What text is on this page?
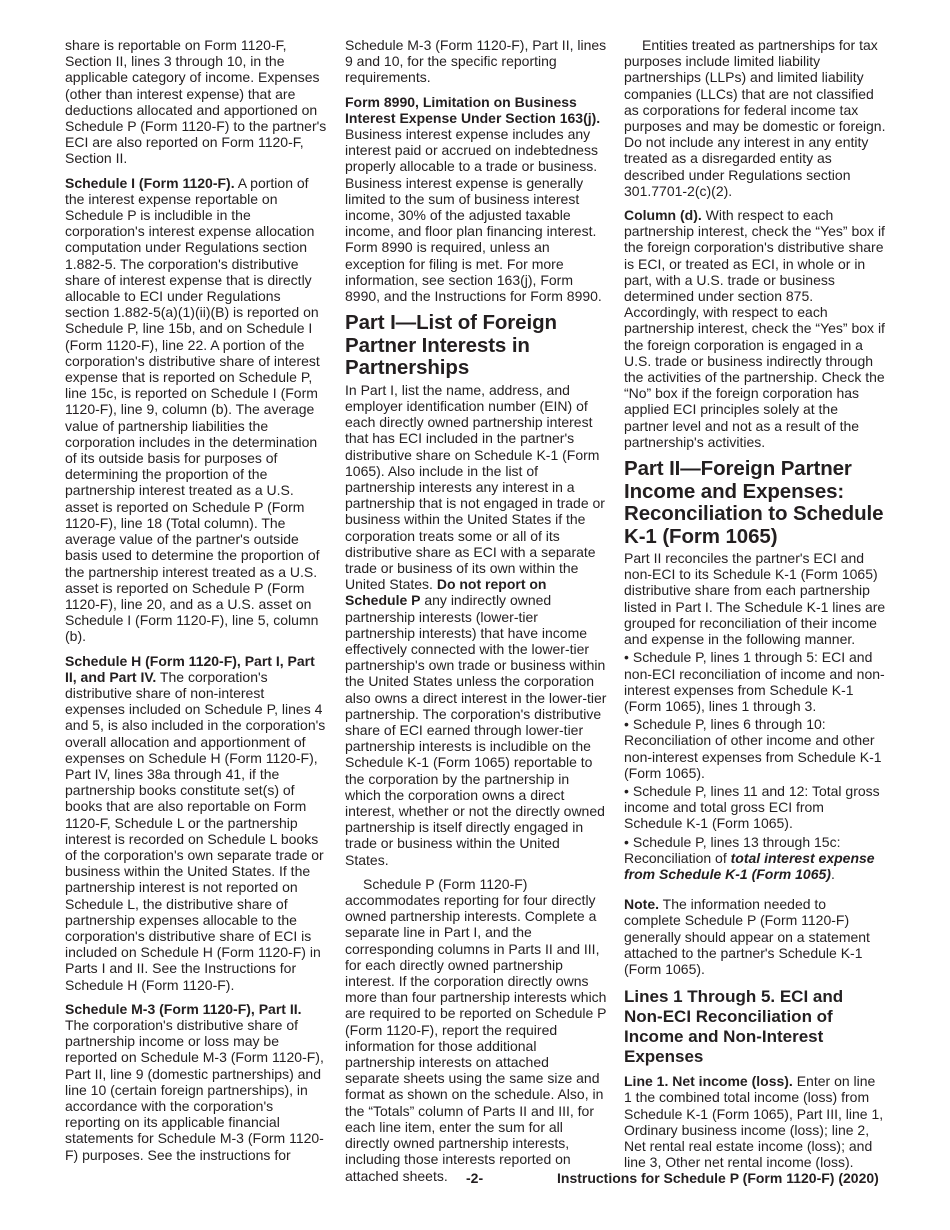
share is reportable on Form 1120-F, Section II, lines 3 through 10, in the applicable category of income. Expenses (other than interest expense) that are deductions allocated and apportioned on Schedule P (Form 1120-F) to the partner's ECI are also reported on Form 1120-F, Section II.

Schedule I (Form 1120-F). A portion of the interest expense reportable on Schedule P is includible in the corporation's interest expense allocation computation under Regulations section 1.882-5. The corporation's distributive share of interest expense that is directly allocable to ECI under Regulations section 1.882-5(a)(1)(ii)(B) is reported on Schedule P, line 15b, and on Schedule I (Form 1120-F), line 22. A portion of the corporation's distributive share of interest expense that is reported on Schedule P, line 15c, is reported on Schedule I (Form 1120-F), line 9, column (b). The average value of partnership liabilities the corporation includes in the determination of its outside basis for purposes of determining the proportion of the partnership interest treated as a U.S. asset is reported on Schedule P (Form 1120-F), line 18 (Total column). The average value of the partner's outside basis used to determine the proportion of the partnership interest treated as a U.S. asset is reported on Schedule P (Form 1120-F), line 20, and as a U.S. asset on Schedule I (Form 1120-F), line 5, column (b).

Schedule H (Form 1120-F), Part I, Part II, and Part IV. The corporation's distributive share of non-interest expenses included on Schedule P, lines 4 and 5, is also included in the corporation's overall allocation and apportionment of expenses on Schedule H (Form 1120-F), Part IV, lines 38a through 41, if the partnership books constitute set(s) of books that are also reportable on Form 1120-F, Schedule L or the partnership interest is recorded on Schedule L books of the corporation's own separate trade or business within the United States. If the partnership interest is not reported on Schedule L, the distributive share of partnership expenses allocable to the corporation's distributive share of ECI is included on Schedule H (Form 1120-F) in Parts I and II. See the Instructions for Schedule H (Form 1120-F).

Schedule M-3 (Form 1120-F), Part II. The corporation's distributive share of partnership income or loss may be reported on Schedule M-3 (Form 1120-F), Part II, line 9 (domestic partnerships) and line 10 (certain foreign partnerships), in accordance with the corporation's reporting on its applicable financial statements for Schedule M-3 (Form 1120-F) purposes. See the instructions for

Schedule M-3 (Form 1120-F), Part II, lines 9 and 10, for the specific reporting requirements.

Form 8990, Limitation on Business Interest Expense Under Section 163(j). Business interest expense includes any interest paid or accrued on indebtedness properly allocable to a trade or business. Business interest expense is generally limited to the sum of business interest income, 30% of the adjusted taxable income, and floor plan financing interest. Form 8990 is required, unless an exception for filing is met. For more information, see section 163(j), Form 8990, and the Instructions for Form 8990.

Part I—List of Foreign Partner Interests in Partnerships

In Part I, list the name, address, and employer identification number (EIN) of each directly owned partnership interest that has ECI included in the partner's distributive share on Schedule K-1 (Form 1065). Also include in the list of partnership interests any interest in a partnership that is not engaged in trade or business within the United States if the corporation treats some or all of its distributive share as ECI with a separate trade or business of its own within the United States. Do not report on Schedule P any indirectly owned partnership interests (lower-tier partnership interests) that have income effectively connected with the lower-tier partnership's own trade or business within the United States unless the corporation also owns a direct interest in the lower-tier partnership. The corporation's distributive share of ECI earned through lower-tier partnership interests is includible on the Schedule K-1 (Form 1065) reportable to the corporation by the partnership in which the corporation owns a direct interest, whether or not the directly owned partnership is itself directly engaged in trade or business within the United States.

Schedule P (Form 1120-F) accommodates reporting for four directly owned partnership interests. Complete a separate line in Part I, and the corresponding columns in Parts II and III, for each directly owned partnership interest. If the corporation directly owns more than four partnership interests which are required to be reported on Schedule P (Form 1120-F), report the required information for those additional partnership interests on attached separate sheets using the same size and format as shown on the schedule. Also, in the “Totals” column of Parts II and III, for each line item, enter the sum for all directly owned partnership interests, including those interests reported on attached sheets.

Entities treated as partnerships for tax purposes include limited liability partnerships (LLPs) and limited liability companies (LLCs) that are not classified as corporations for federal income tax purposes and may be domestic or foreign. Do not include any interest in any entity treated as a disregarded entity as described under Regulations section 301.7701-2(c)(2).

Column (d). With respect to each partnership interest, check the “Yes” box if the foreign corporation's distributive share is ECI, or treated as ECI, in whole or in part, with a U.S. trade or business determined under section 875. Accordingly, with respect to each partnership interest, check the “Yes” box if the foreign corporation is engaged in a U.S. trade or business indirectly through the activities of the partnership. Check the “No” box if the foreign corporation has applied ECI principles solely at the partner level and not as a result of the partnership's activities.

Part II—Foreign Partner Income and Expenses: Reconciliation to Schedule K-1 (Form 1065)

Part II reconciles the partner's ECI and non-ECI to its Schedule K-1 (Form 1065) distributive share from each partnership listed in Part I. The Schedule K-1 lines are grouped for reconciliation of their income and expense in the following manner.

• Schedule P, lines 1 through 5: ECI and non-ECI reconciliation of income and non-interest expenses from Schedule K-1 (Form 1065), lines 1 through 3.
• Schedule P, lines 6 through 10: Reconciliation of other income and other non-interest expenses from Schedule K-1 (Form 1065).
• Schedule P, lines 11 and 12: Total gross income and total gross ECI from Schedule K-1 (Form 1065).
• Schedule P, lines 13 through 15c: Reconciliation of total interest expense from Schedule K-1 (Form 1065).

Note. The information needed to complete Schedule P (Form 1120-F) generally should appear on a statement attached to the partner's Schedule K-1 (Form 1065).

Lines 1 Through 5. ECI and Non-ECI Reconciliation of Income and Non-Interest Expenses

Line 1. Net income (loss). Enter on line 1 the combined total income (loss) from Schedule K-1 (Form 1065), Part III, line 1, Ordinary business income (loss); line 2, Net rental real estate income (loss); and line 3, Other net rental income (loss).

-2-	Instructions for Schedule P (Form 1120-F) (2020)
